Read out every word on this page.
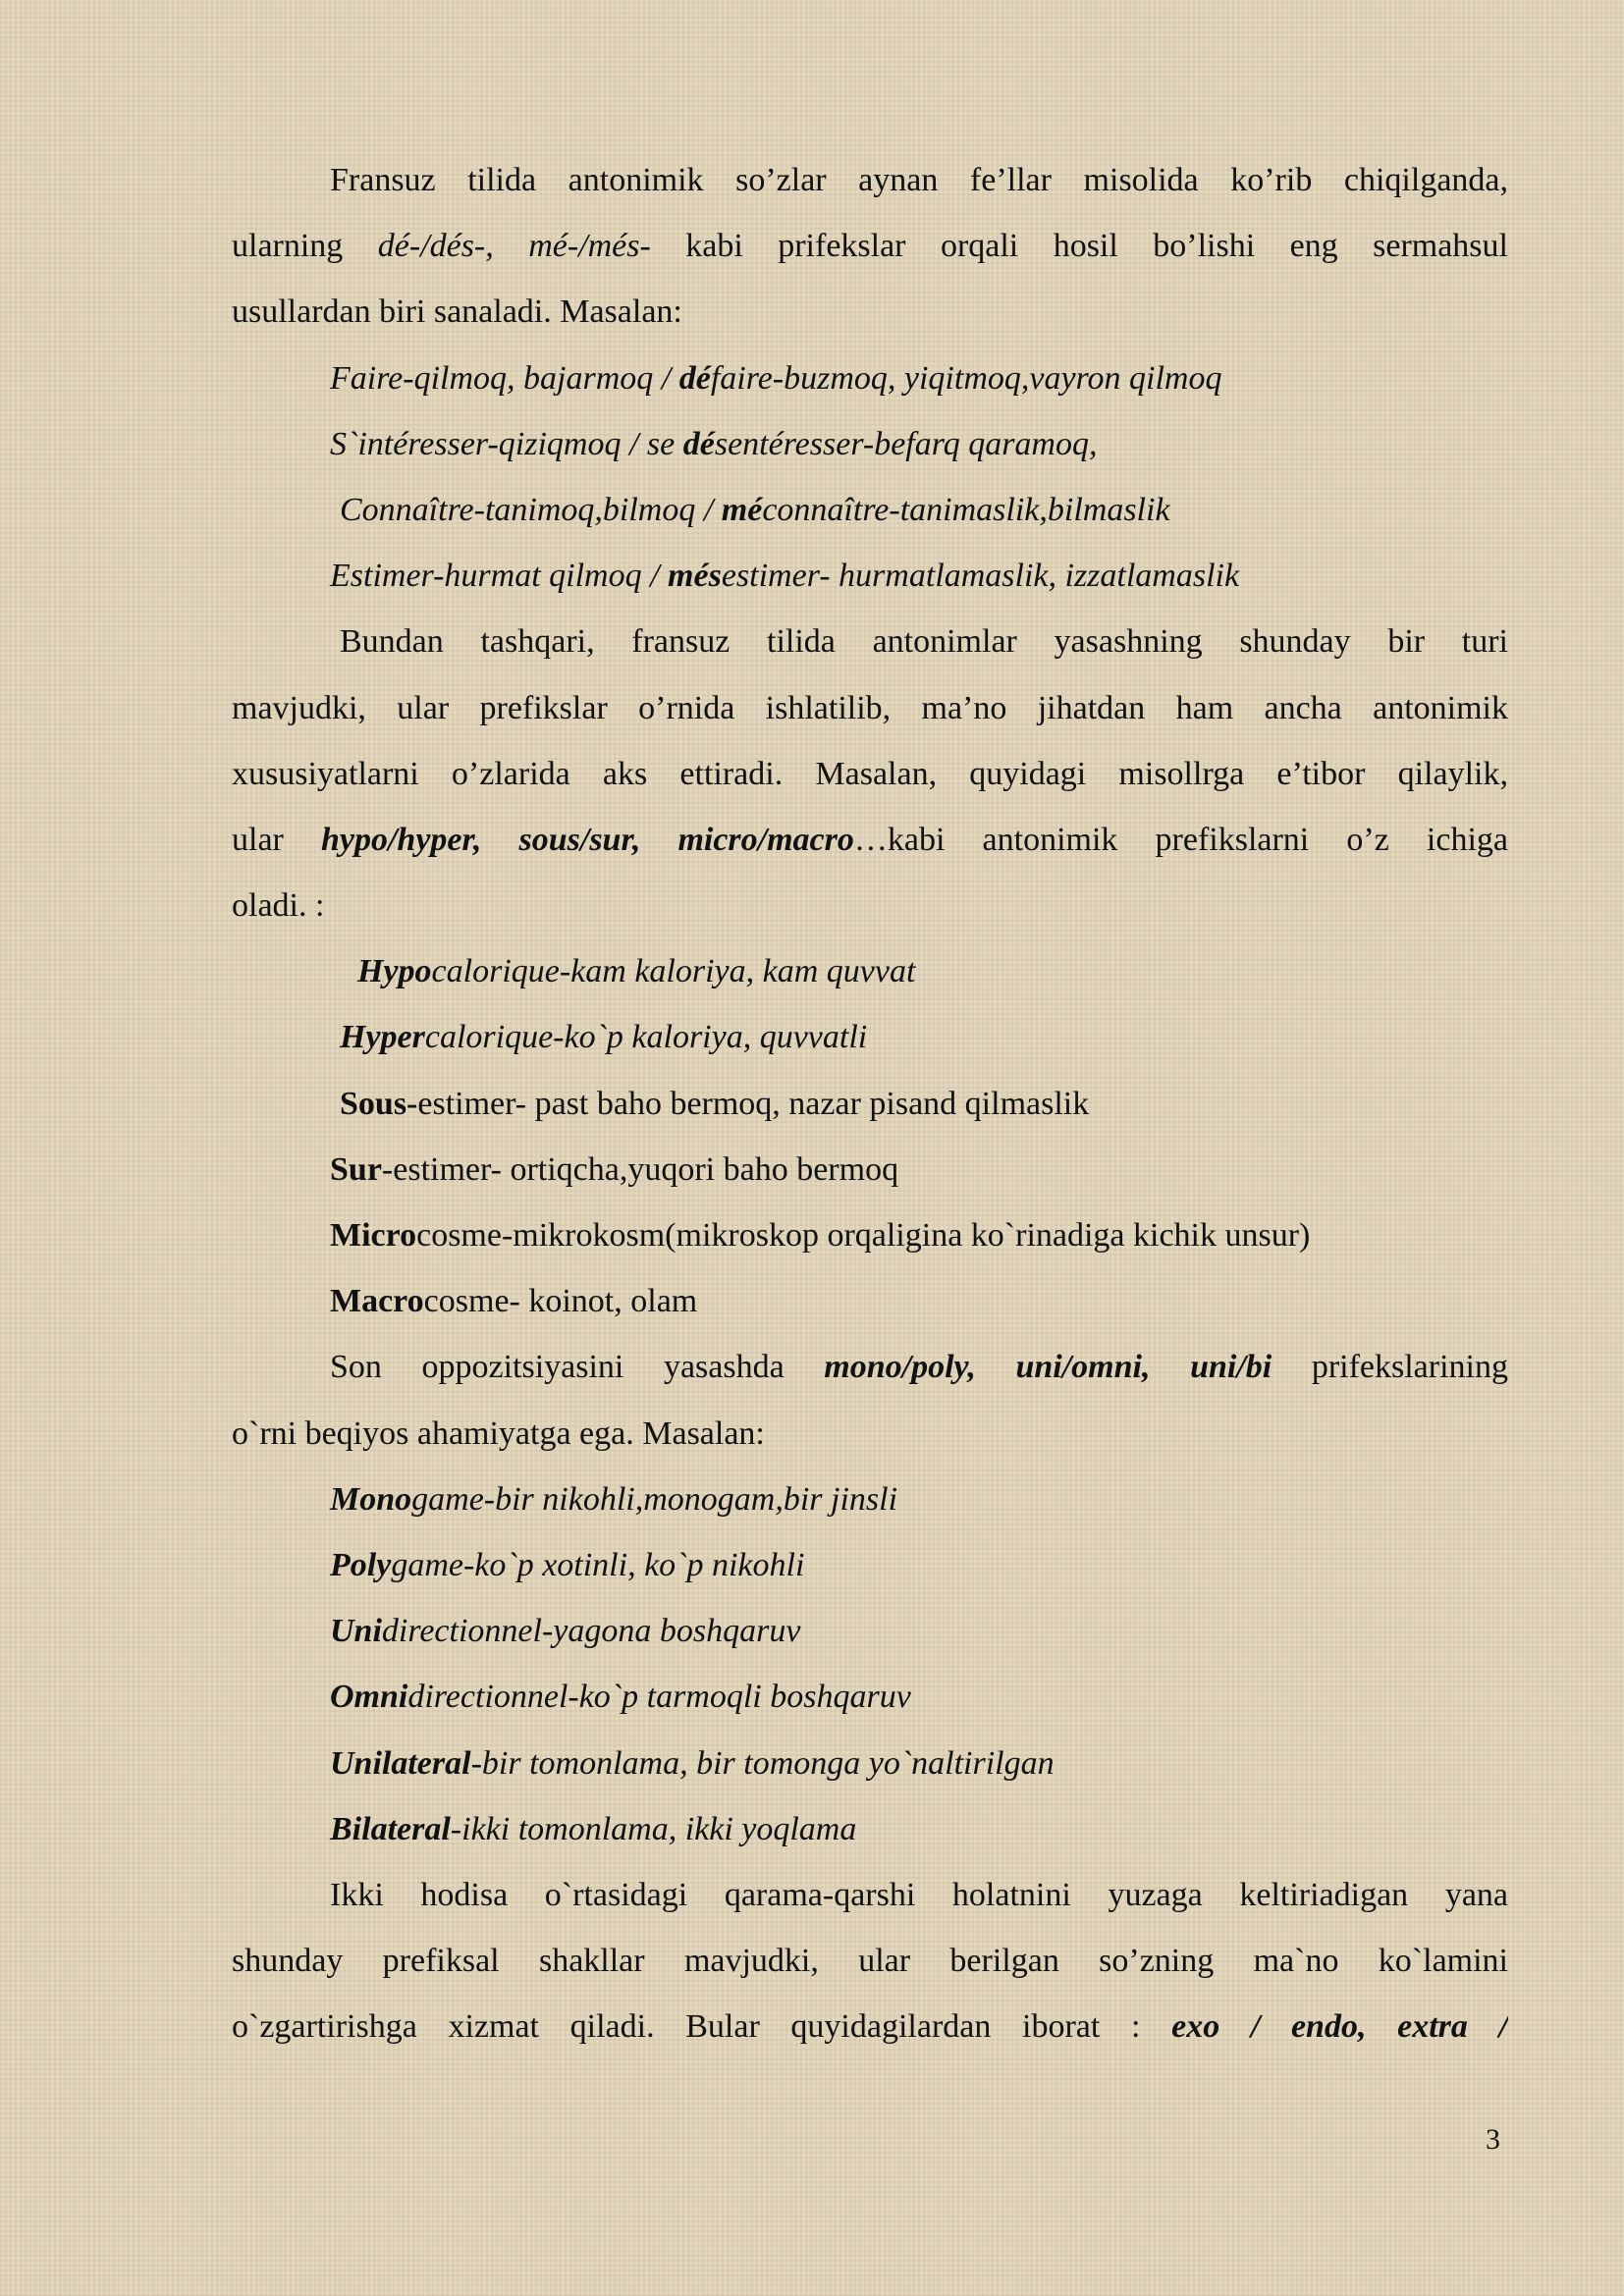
Fransuz tilida antonimik so’zlar aynan fe’llar misolida ko’rib chiqilganda,
ularning dé-/dés-, mé-/més- kabi prifekslar orqali hosil bo’lishi eng sermahsul
usullardan biri sanaladi. Masalan:
Faire-qilmoq, bajarmoq / défaire-buzmoq, yiqitmoq,vayron qilmoq
S`intéresser-qiziqmoq / se désentéresser-befarq qaramoq,
Connaître-tanimoq,bilmoq / méconnaître-tanimaslik,bilmaslik
Estimer-hurmat qilmoq / mésestimer- hurmatlamaslik, izzatlamaslik
Bundan tashqari, fransuz tilida antonimlar yasashning shunday bir turi
mavjudki, ular prefikslar o’rnida ishlatilib, ma’no jihatdan ham ancha antonimik
xususiyatlarni o’zlarida aks ettiradi. Masalan, quyidagi misollrga e’tibor qilaylik,
ular hypo/hyper, sous/sur, micro/macro…kabi antonimik prefikslarni o’z ichiga
oladi. :
Hypocalorique-kam kaloriya, kam quvvat
Hypercalorique-ko`p kaloriya, quvvatli
Sous-estimer- past baho bermoq, nazar pisand qilmaslik
Sur-estimer- ortiqcha,yuqori baho bermoq
Microcosme-mikrokosm(mikroskop orqaligina ko`rinadiga kichik unsur)
Macrocosme- koinot, olam
Son oppozitsiyasini yasashda mono/poly, uni/omni, uni/bi prifekslarining
o`rni beqiyos ahamiyatga ega. Masalan:
Monogame-bir nikohli,monogam,bir jinsli
Polygame-ko`p xotinli, ko`p nikohli
Unidirectionnel-yagona boshqaruv
Omnidirectionnel-ko`p tarmoqli boshqaruv
Unilateral-bir tomonlama, bir tomonga yo`naltirilgan
Bilateral-ikki tomonlama, ikki yoqlama
Ikki hodisa o`rtasidagi qarama-qarshi holatnini yuzaga keltiriadigan yana
shunday prefiksal shakllar mavjudki, ular berilgan so’zning ma`no ko`lamini
o`zgartirishga xizmat qiladi. Bular quyidagilardan iborat : exo / endo, extra /
3
